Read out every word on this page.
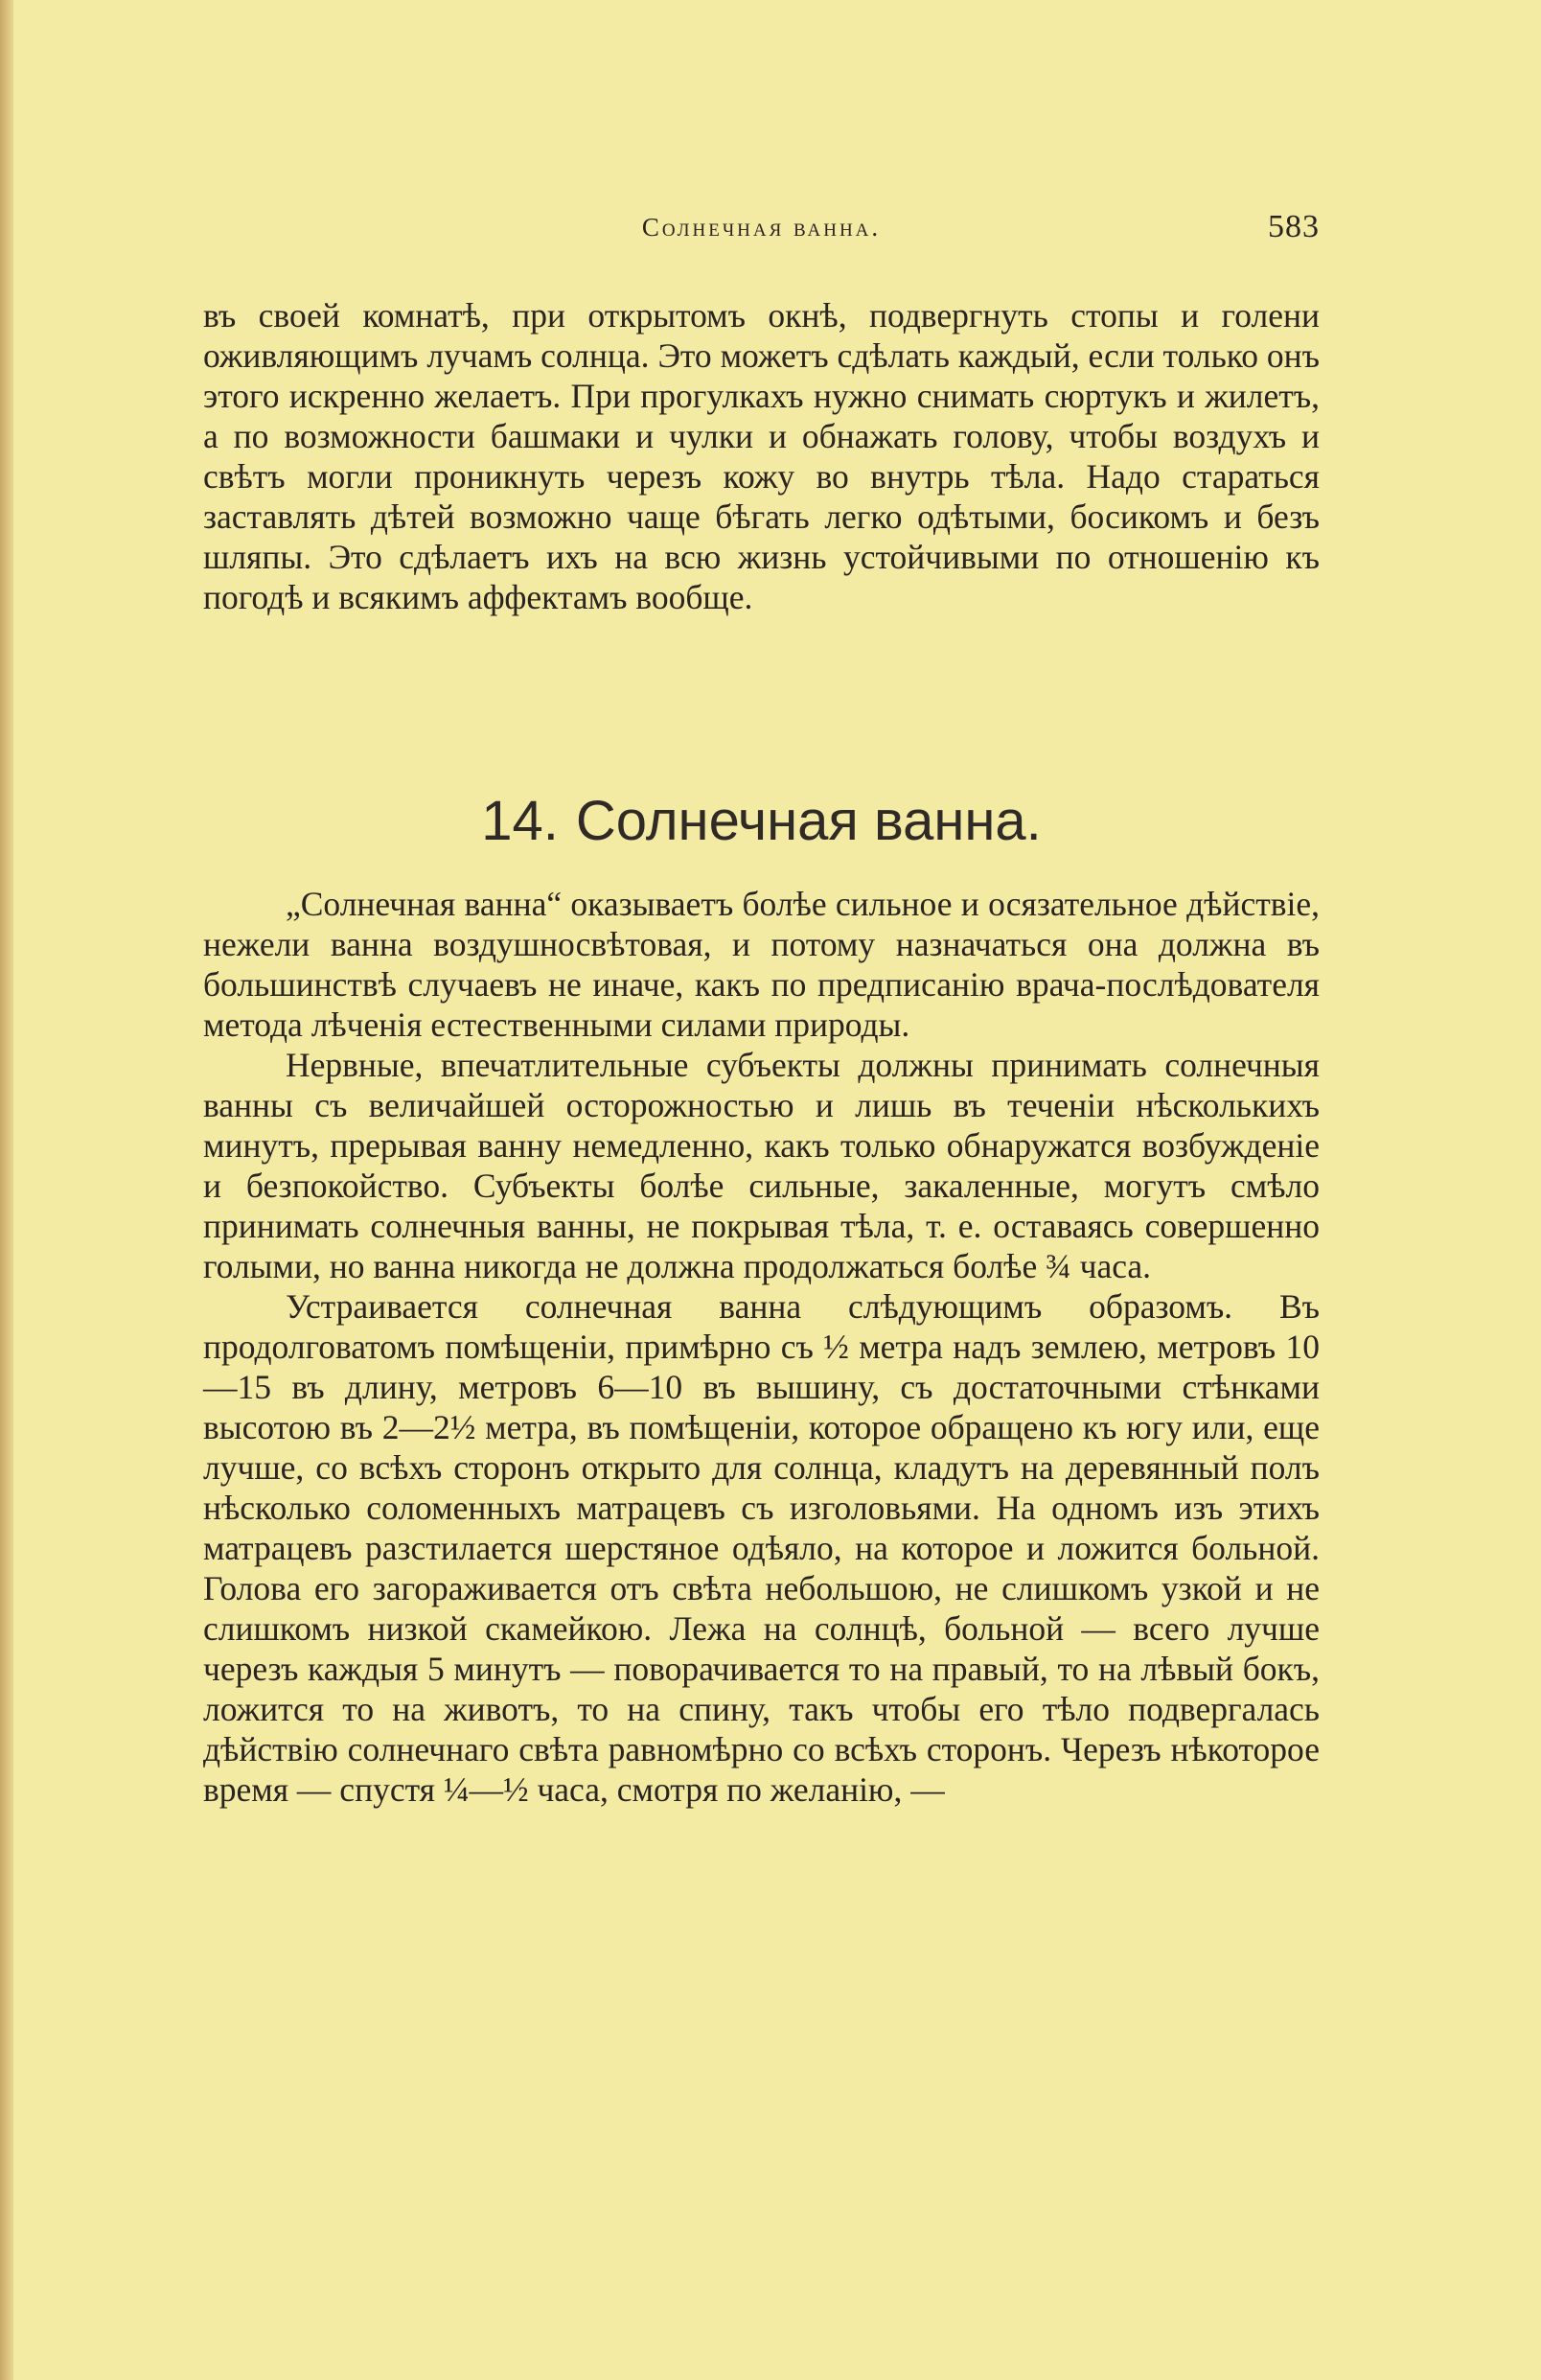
Солнечная ванна.	583

въ своей комнатѣ, при открытомъ окнѣ, подвергнуть стопы и голени оживляющимъ лучамъ солнца. Это можетъ сдѣлать каждый, если только онъ этого искренно желаетъ. При прогулкахъ нужно снимать сюртукъ и жилетъ, а по возможности башмаки и чулки и обнажать голову, чтобы воздухъ и свѣтъ могли проникнуть черезъ кожу во внутрь тѣла. Надо стараться заставлять дѣтей возможно чаще бѣгать легко одѣтыми, босикомъ и безъ шляпы. Это сдѣлаетъ ихъ на всю жизнь устойчивыми по отношенію къ погодѣ и всякимъ аффектамъ вообще.

14. Солнечная ванна.

„Солнечная ванна“ оказываетъ болѣе сильное и осязательное дѣйствіе, нежели ванна воздушносвѣтовая, и потому назначаться она должна въ большинствѣ случаевъ не иначе, какъ по предписанію врача-послѣдователя метода лѣченія естественными силами природы.

Нервные, впечатлительные субъекты должны принимать солнечныя ванны съ величайшей осторожностью и лишь въ теченіи нѣсколькихъ минутъ, прерывая ванну немедленно, какъ только обнаружатся возбужденіе и безпокойство. Субъекты болѣе сильные, закаленные, могутъ смѣло принимать солнечныя ванны, не покрывая тѣла, т. е. оставаясь совершенно голыми, но ванна никогда не должна продолжаться болѣе ¾ часа.

Устраивается солнечная ванна слѣдующимъ образомъ. Въ продолговатомъ помѣщеніи, примѣрно съ ½ метра надъ землею, метровъ 10—15 въ длину, метровъ 6—10 въ вышину, съ достаточными стѣнками высотою въ 2—2½ метра, въ помѣщеніи, которое обращено къ югу или, еще лучше, со всѣхъ сторонъ открыто для солнца, кладутъ на деревянный полъ нѣсколько соломенныхъ матрацевъ съ изголовьями. На одномъ изъ этихъ матрацевъ разстилается шерстяное одѣяло, на которое и ложится больной. Голова его загораживается отъ свѣта небольшою, не слишкомъ узкой и не слишкомъ низкой скамейкою. Лежа на солнцѣ, больной — всего лучше черезъ каждыя 5 минутъ — поворачивается то на правый, то на лѣвый бокъ, ложится то на животъ, то на спину, такъ чтобы его тѣло подвергалась дѣйствію солнечнаго свѣта равномѣрно со всѣхъ сторонъ. Черезъ нѣкоторое время — спустя ¼—½ часа, смотря по желанію, —
